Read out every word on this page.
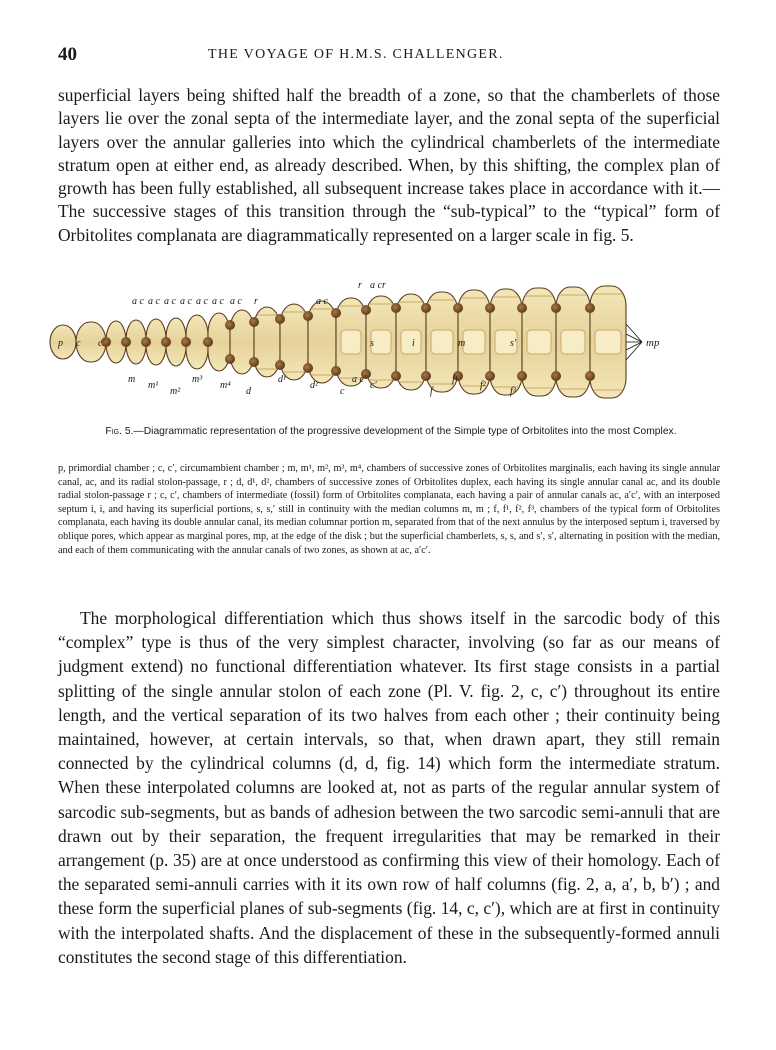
40	THE VOYAGE OF H.M.S. CHALLENGER.

superficial layers being shifted half the breadth of a zone, so that the chamberlets of those layers lie over the zonal septa of the intermediate layer, and the zonal septa of the superficial layers over the annular galleries into which the cylindrical chamberlets of the intermediate stratum open at either end, as already described. When, by this shifting, the complex plan of growth has been fully established, all subsequent increase takes place in accordance with it.—The successive stages of this transition through the “sub-typical” to the “typical” form of Orbitolites complanata are diagrammatically represented on a larger scale in fig. 5.

a c a c a c a c a c a c a c r	a c
r a c r
m
m¹
m²
m³
m⁴
d
d¹
d²
c
a c′
c′
f
f¹
f²
f³
p c c′	s	i	m	s′	mp
Fig. 5.—Diagrammatic representation of the progressive development of the Simple type of Orbitolites into the most Complex.

p, primordial chamber ; c, c′, circumambient chamber ; m, m¹, m², m³, m⁴, chambers of successive zones of Orbitolites marginalis, each having its single annular canal, ac, and its radial stolon-passage, r ; d, d¹, d², chambers of successive zones of Orbitolites duplex, each having its single annular canal ac, and its double radial stolon-passage r ; c, c′, chambers of intermediate (fossil) form of Orbitolites complanata, each having a pair of annular canals ac, a′c′, with an interposed septum i, i, and having its superficial portions, s, s,′ still in continuity with the median columns m, m ; f, f¹, f², f³, chambers of the typical form of Orbitolites complanata, each having its double annular canal, its median columnar portion m, separated from that of the next annulus by the interposed septum i, traversed by oblique pores, which appear as marginal pores, mp, at the edge of the disk ; but the superficial chamberlets, s, s, and s′, s′, alternating in position with the median, and each of them communicating with the annular canals of two zones, as shown at ac, a′c′.

The morphological differentiation which thus shows itself in the sarcodic body of this “complex” type is thus of the very simplest character, involving (so far as our means of judgment extend) no functional differentiation whatever. Its first stage consists in a partial splitting of the single annular stolon of each zone (Pl. V. fig. 2, c, c′) throughout its entire length, and the vertical separation of its two halves from each other ; their continuity being maintained, however, at certain intervals, so that, when drawn apart, they still remain connected by the cylindrical columns (d, d, fig. 14) which form the intermediate stratum. When these interpolated columns are looked at, not as parts of the regular annular system of sarcodic sub-segments, but as bands of adhesion between the two sarcodic semi-annuli that are drawn out by their separation, the frequent irregularities that may be remarked in their arrangement (p. 35) are at once understood as confirming this view of their homology. Each of the separated semi-annuli carries with it its own row of half columns (fig. 2, a, a′, b, b′) ; and these form the superficial planes of sub-segments (fig. 14, c, c′), which are at first in continuity with the interpolated shafts. And the displacement of these in the subsequently-formed annuli constitutes the second stage of this differentiation.
